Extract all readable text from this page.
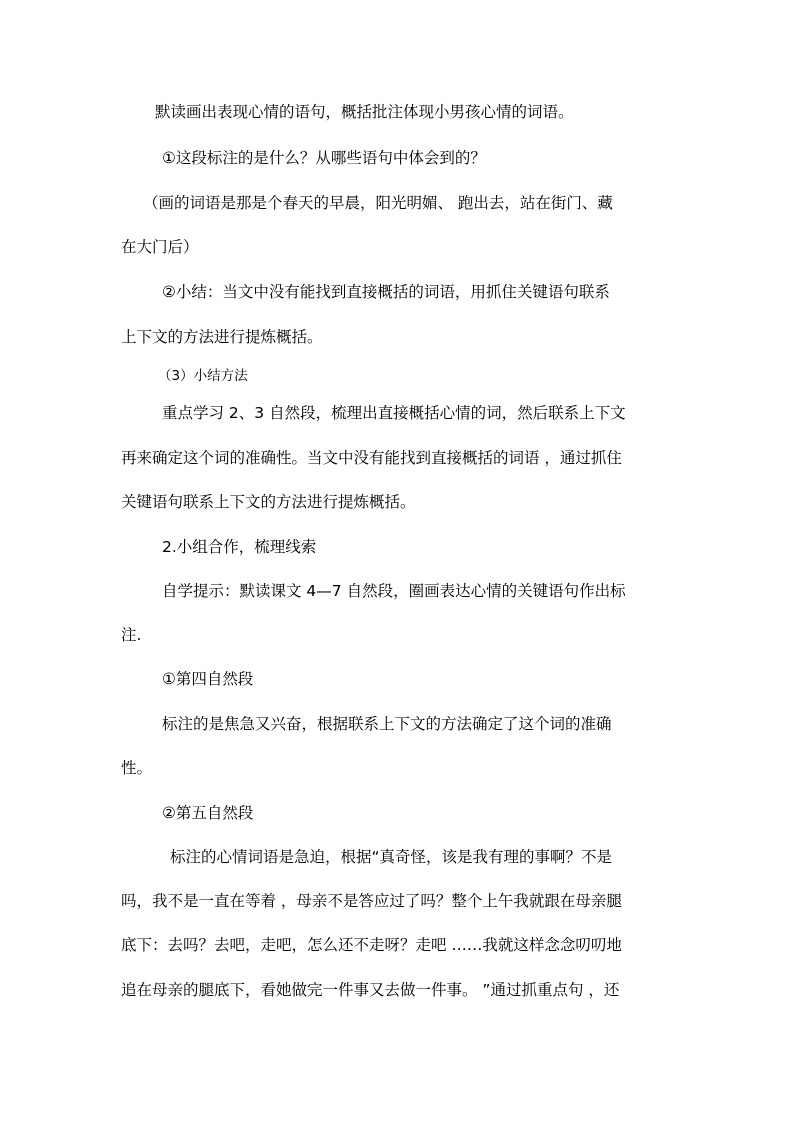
默读画出表现心情的语句，概括批注体现小男孩心情的词语。
①这段标注的是什么？从哪些语句中体会到的？
（画的词语是那是个春天的早晨，阳光明媚、 跑出去，站在街门、藏
在大门后）
②小结：当文中没有能找到直接概括的词语，用抓住关键语句联系
上下文的方法进行提炼概括。
（3）小结方法
重点学习 2、3 自然段，梳理出直接概括心情的词，然后联系上下文
再来确定这个词的准确性。当文中没有能找到直接概括的词语 ，通过抓住
关键语句联系上下文的方法进行提炼概括。
2.小组合作，梳理线索
自学提示：默读课文 4—7 自然段，圈画表达心情的关键语句作出标
注.
①第四自然段
标注的是焦急又兴奋，根据联系上下文的方法确定了这个词的准确
性。
②第五自然段
标注的心情词语是急迫，根据“真奇怪，该是我有理的事啊？不是
吗，我不是一直在等着 ，母亲不是答应过了吗？整个上午我就跟在母亲腿
底下：去吗？去吧，走吧，怎么还不走呀？走吧 ……我就这样念念叨叨地
追在母亲的腿底下，看她做完一件事又去做一件事。 ”通过抓重点句 ，还
